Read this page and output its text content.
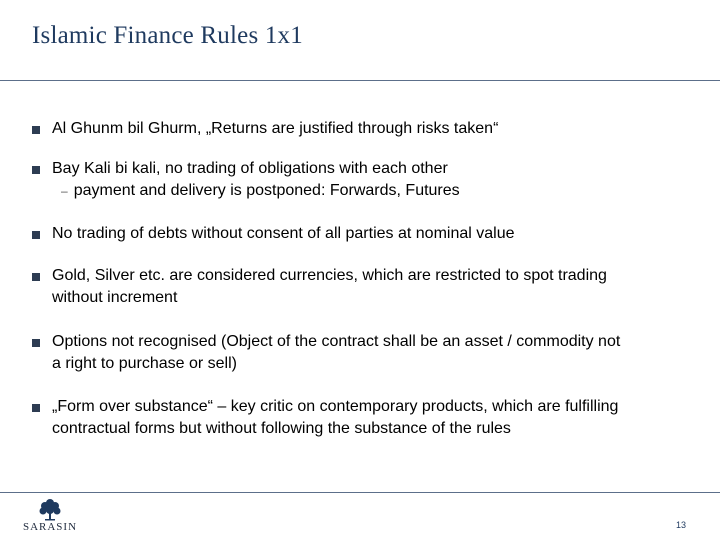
Islamic Finance Rules 1x1
Al Ghunm bil Ghurm, „Returns are justified through risks taken“
Bay Kali bi kali, no trading of obligations with each other
– payment and delivery is postponed: Forwards, Futures
No trading of debts without consent of all parties at nominal value
Gold, Silver etc. are considered currencies, which are restricted to spot trading
without increment
Options not recognised (Object of the contract shall be an asset / commodity not
a right to purchase or sell)
„Form over substance“ – key critic on contemporary products, which are fulfilling
contractual forms but without following the substance of the rules
SARASIN	13
